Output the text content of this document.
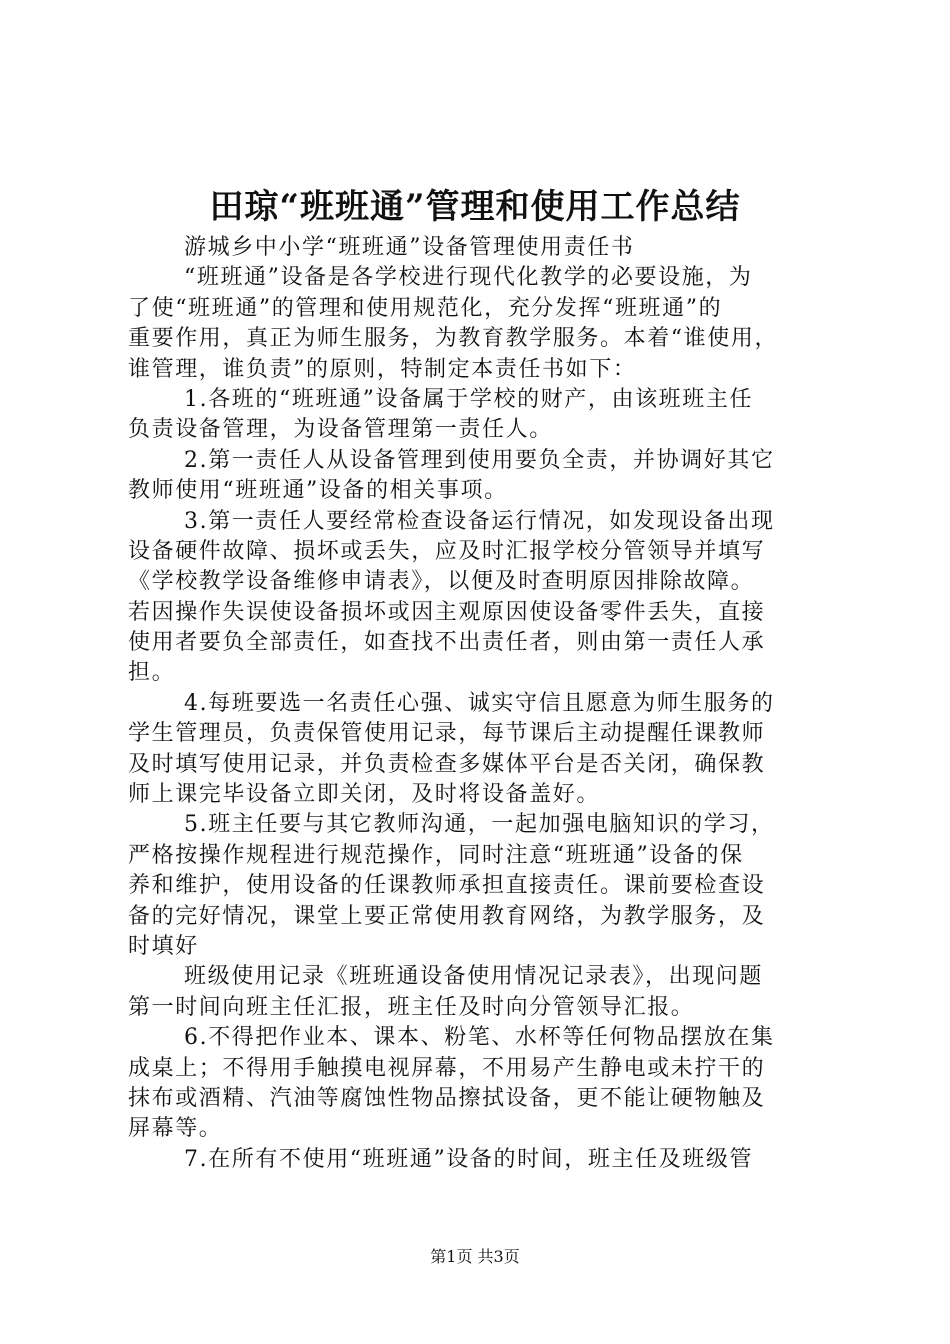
田琼“班班通”管理和使用工作总结
游城乡中小学“班班通”设备管理使用责任书
“班班通”设备是各学校进行现代化教学的必要设施，为
了使“班班通”的管理和使用规范化，充分发挥“班班通”的
重要作用，真正为师生服务，为教育教学服务。本着“谁使用，
谁管理，谁负责”的原则，特制定本责任书如下：
1.各班的“班班通”设备属于学校的财产，由该班班主任
负责设备管理，为设备管理第一责任人。
2.第一责任人从设备管理到使用要负全责，并协调好其它
教师使用“班班通”设备的相关事项。
3.第一责任人要经常检查设备运行情况，如发现设备出现
设备硬件故障、损坏或丢失，应及时汇报学校分管领导并填写
《学校教学设备维修申请表》，以便及时查明原因排除故障。
若因操作失误使设备损坏或因主观原因使设备零件丢失，直接
使用者要负全部责任，如查找不出责任者，则由第一责任人承
担。
4.每班要选一名责任心强、诚实守信且愿意为师生服务的
学生管理员，负责保管使用记录，每节课后主动提醒任课教师
及时填写使用记录，并负责检查多媒体平台是否关闭，确保教
师上课完毕设备立即关闭，及时将设备盖好。
5.班主任要与其它教师沟通，一起加强电脑知识的学习，
严格按操作规程进行规范操作，同时注意“班班通”设备的保
养和维护，使用设备的任课教师承担直接责任。课前要检查设
备的完好情况，课堂上要正常使用教育网络，为教学服务，及
时填好
班级使用记录《班班通设备使用情况记录表》，出现问题
第一时间向班主任汇报，班主任及时向分管领导汇报。
6.不得把作业本、课本、粉笔、水杯等任何物品摆放在集
成桌上；不得用手触摸电视屏幕，不用易产生静电或未拧干的
抹布或酒精、汽油等腐蚀性物品擦拭设备，更不能让硬物触及
屏幕等。
7.在所有不使用“班班通”设备的时间，班主任及班级管
第1页 共3页
